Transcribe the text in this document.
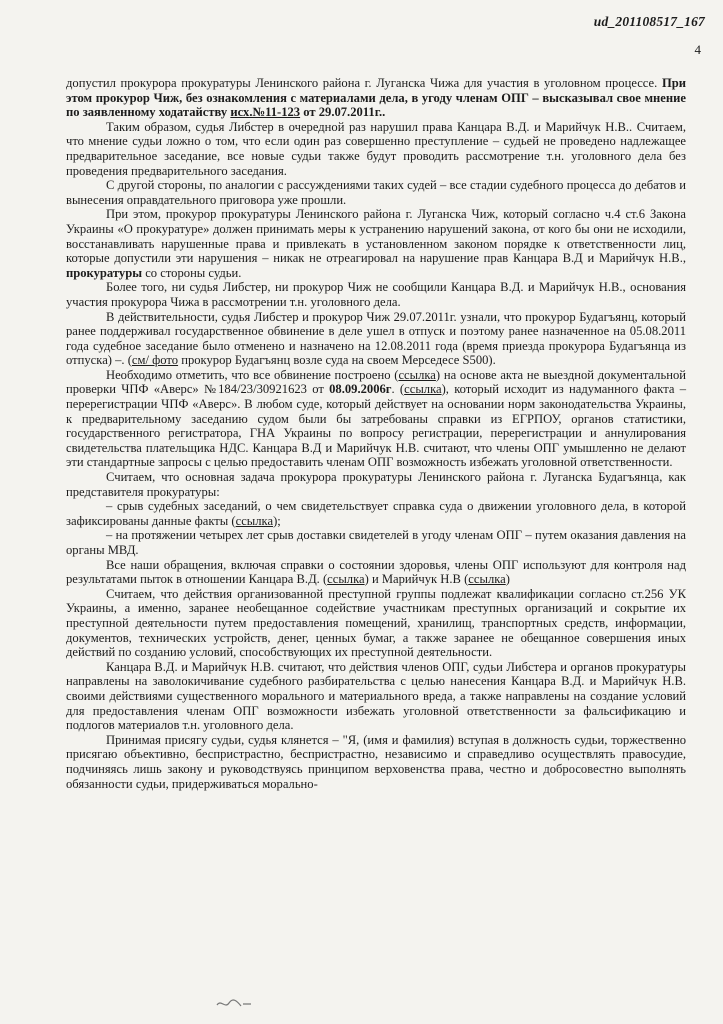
ud_201108517_167
4

допустил прокурора прокуратуры Ленинского района г. Луганска Чижа для участия в уголовном процессе. При этом прокурор Чиж, без ознакомления с материалами дела, в угоду членам ОПГ – высказывал свое мнение по заявленному ходатайству исх.№11-123 от 29.07.2011г..

Таким образом, судья Либстер в очередной раз нарушил права Канцара В.Д. и Марийчук Н.В.. Считаем, что мнение судьи ложно о том, что если один раз совершенно преступление – судьей не проведено надлежащее предварительное заседание, все новые судьи также будут проводить рассмотрение т.н. уголовного дела без проведения предварительного заседания.

С другой стороны, по аналогии с рассуждениями таких судей – все стадии судебного процесса до дебатов и вынесения оправдательного приговора уже прошли.

При этом, прокурор прокуратуры Ленинского района г. Луганска Чиж, который согласно ч.4 ст.6 Закона Украины «О прокуратуре» должен принимать меры к устранению нарушений закона, от кого бы они не исходили, восстанавливать нарушенные права и привлекать в установленном законом порядке к ответственности лиц, которые допустили эти нарушения – никак не отреагировал на нарушение прав Канцара В.Д и Марийчук Н.В., прокуратуры со стороны судьи.

Более того, ни судья Либстер, ни прокурор Чиж не сообщили Канцара В.Д. и Марийчук Н.В., основания участия прокурора Чижа в рассмотрении т.н. уголовного дела.

В действительности, судья Либстер и прокурор Чиж 29.07.2011г. узнали, что прокурор Будагъянц, который ранее поддерживал государственное обвинение в деле ушел в отпуск и поэтому ранее назначенное на 05.08.2011 года судебное заседание было отменено и назначено на 12.08.2011 года (время приезда прокурора Будагъянца из отпуска) –. (см/ фото прокурор Будагъянц возле суда на своем Мерседесе S500).

Необходимо отметить, что все обвинение построено (ссылка) на основе акта не выездной документальной проверки ЧПФ «Аверс» №184/23/30921623 от 08.09.2006г. (ссылка), который исходит из надуманного факта – перерегистрации ЧПФ «Аверс». В любом суде, который действует на основании норм законодательства Украины, к предварительному заседанию судом были бы затребованы справки из ЕГРПОУ, органов статистики, государственного регистратора, ГНА Украины по вопросу регистрации, перерегистрации и аннулирования свидетельства плательщика НДС. Канцара В.Д и Марийчук Н.В. считают, что члены ОПГ умышленно не делают эти стандартные запросы с целью предоставить членам ОПГ возможность избежать уголовной ответственности.

Считаем, что основная задача прокурора прокуратуры Ленинского района г. Луганска Будагъянца, как представителя прокуратуры:

– срыв судебных заседаний, о чем свидетельствует справка суда о движении уголовного дела, в которой зафиксированы данные факты (ссылка);

– на протяжении четырех лет срыв доставки свидетелей в угоду членам ОПГ – путем оказания давления на органы МВД.

Все наши обращения, включая справки о состоянии здоровья, члены ОПГ используют для контроля над результатами пыток в отношении Канцара В.Д. (ссылка) и Марийчук Н.В (ссылка)

Считаем, что действия организованной преступной группы подлежат квалификации согласно ст.256 УК Украины, а именно, заранее необещанное содействие участникам преступных организаций и сокрытие их преступной деятельности путем предоставления помещений, хранилищ, транспортных средств, информации, документов, технических устройств, денег, ценных бумаг, а также заранее не обещанное совершения иных действий по созданию условий, способствующих их преступной деятельности.

Канцара В.Д. и Марийчук Н.В. считают, что действия членов ОПГ, судьи Либстера и органов прокуратуры направлены на заволокичивание судебного разбирательства с целью нанесения Канцара В.Д. и Марийчук Н.В. своими действиями существенного морального и материального вреда, а также направлены на создание условий для предоставления членам ОПГ возможности избежать уголовной ответственности за фальсификацию и подлогов материалов т.н. уголовного дела.

Принимая присягу судьи, судья клянется – "Я, (имя и фамилия) вступая в должность судьи, торжественно присягаю объективно, беспристрастно, беспристрастно, независимо и справедливо осуществлять правосудие, подчиняясь лишь закону и руководствуясь принципом верховенства права, честно и добросовестно выполнять обязанности судьи, придерживаться морально-
